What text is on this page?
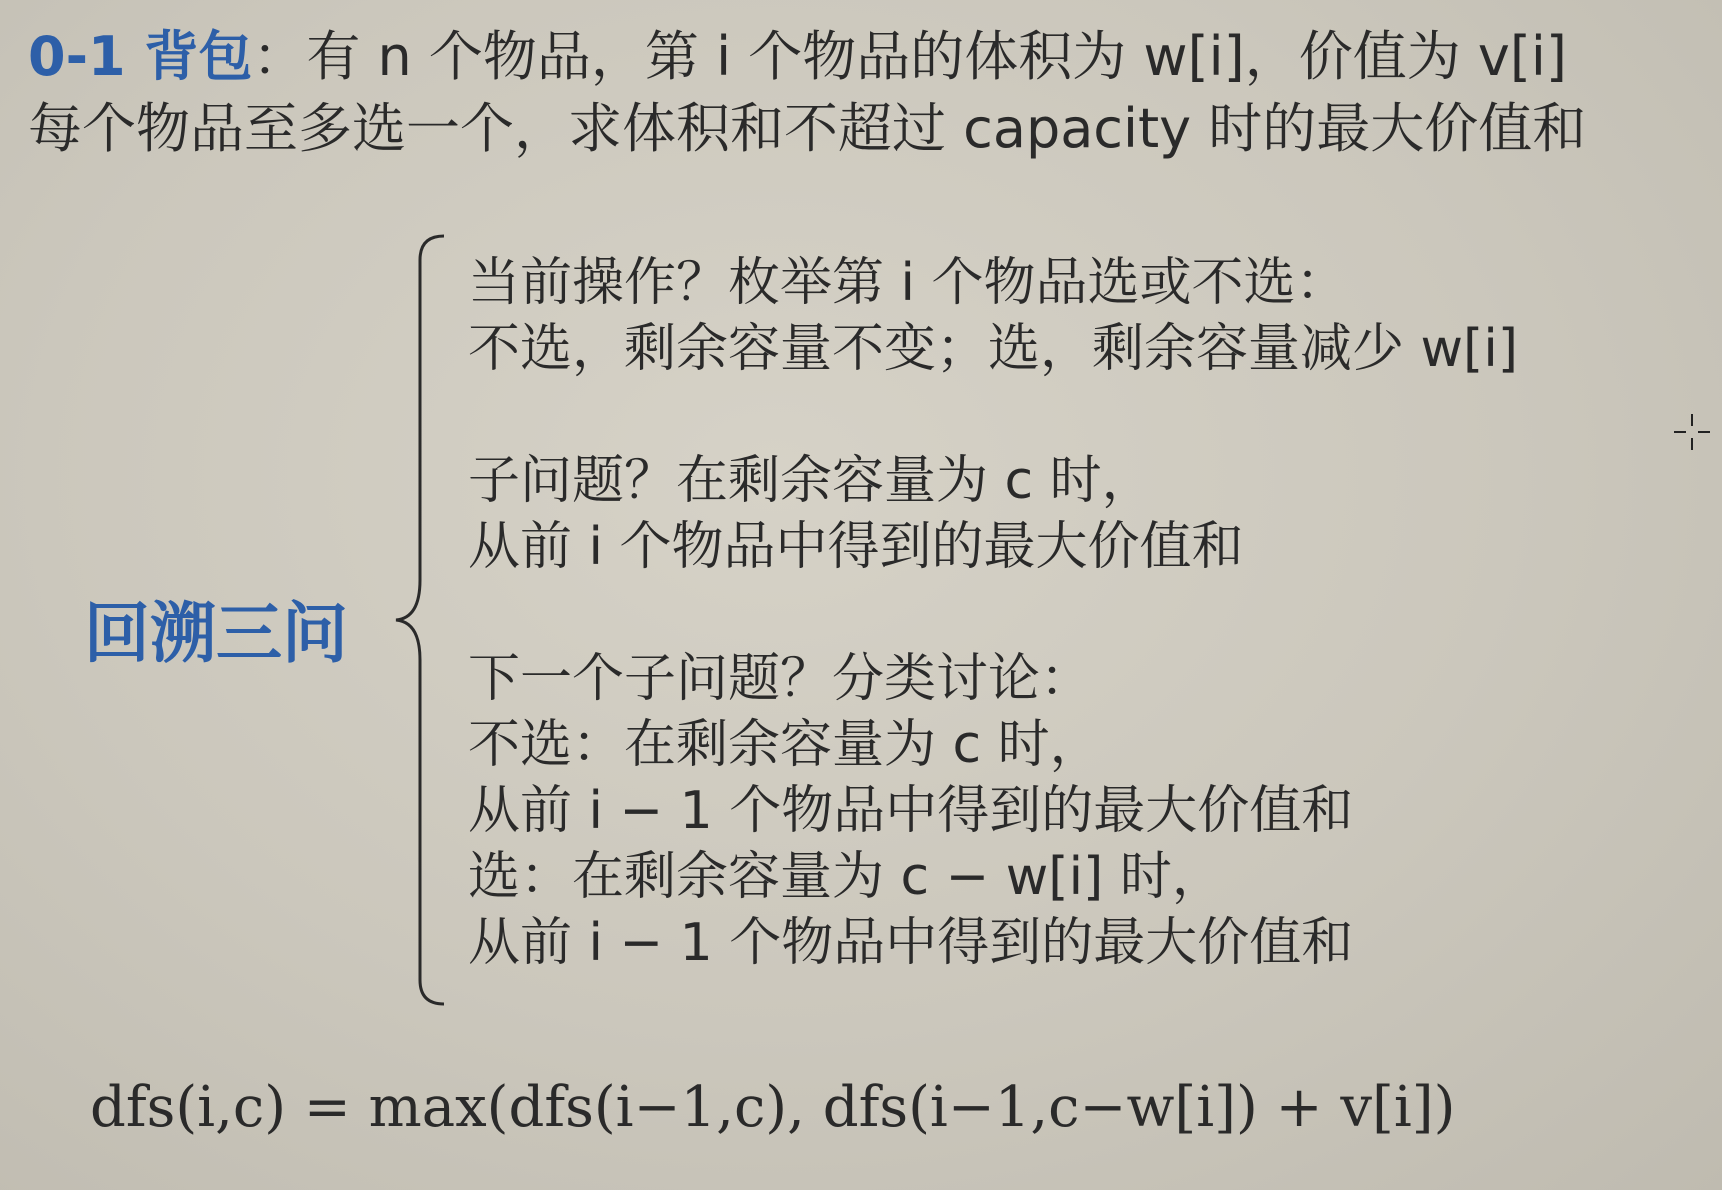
0-1 背包：有 n 个物品，第 i 个物品的体积为 w[i]，价值为 v[i]
每个物品至多选一个，求体积和不超过 capacity 时的最大价值和
回溯三问
当前操作？枚举第 i 个物品选或不选：
不选，剩余容量不变；选，剩余容量减少 w[i]
子问题？在剩余容量为 c 时，
从前 i 个物品中得到的最大价值和
下一个子问题？分类讨论：
不选：在剩余容量为 c 时，
从前 i − 1 个物品中得到的最大价值和
选：在剩余容量为 c − w[i] 时，
从前 i − 1 个物品中得到的最大价值和
dfs(i,c) = max(dfs(i−1,c), dfs(i−1,c−w[i]) + v[i])
